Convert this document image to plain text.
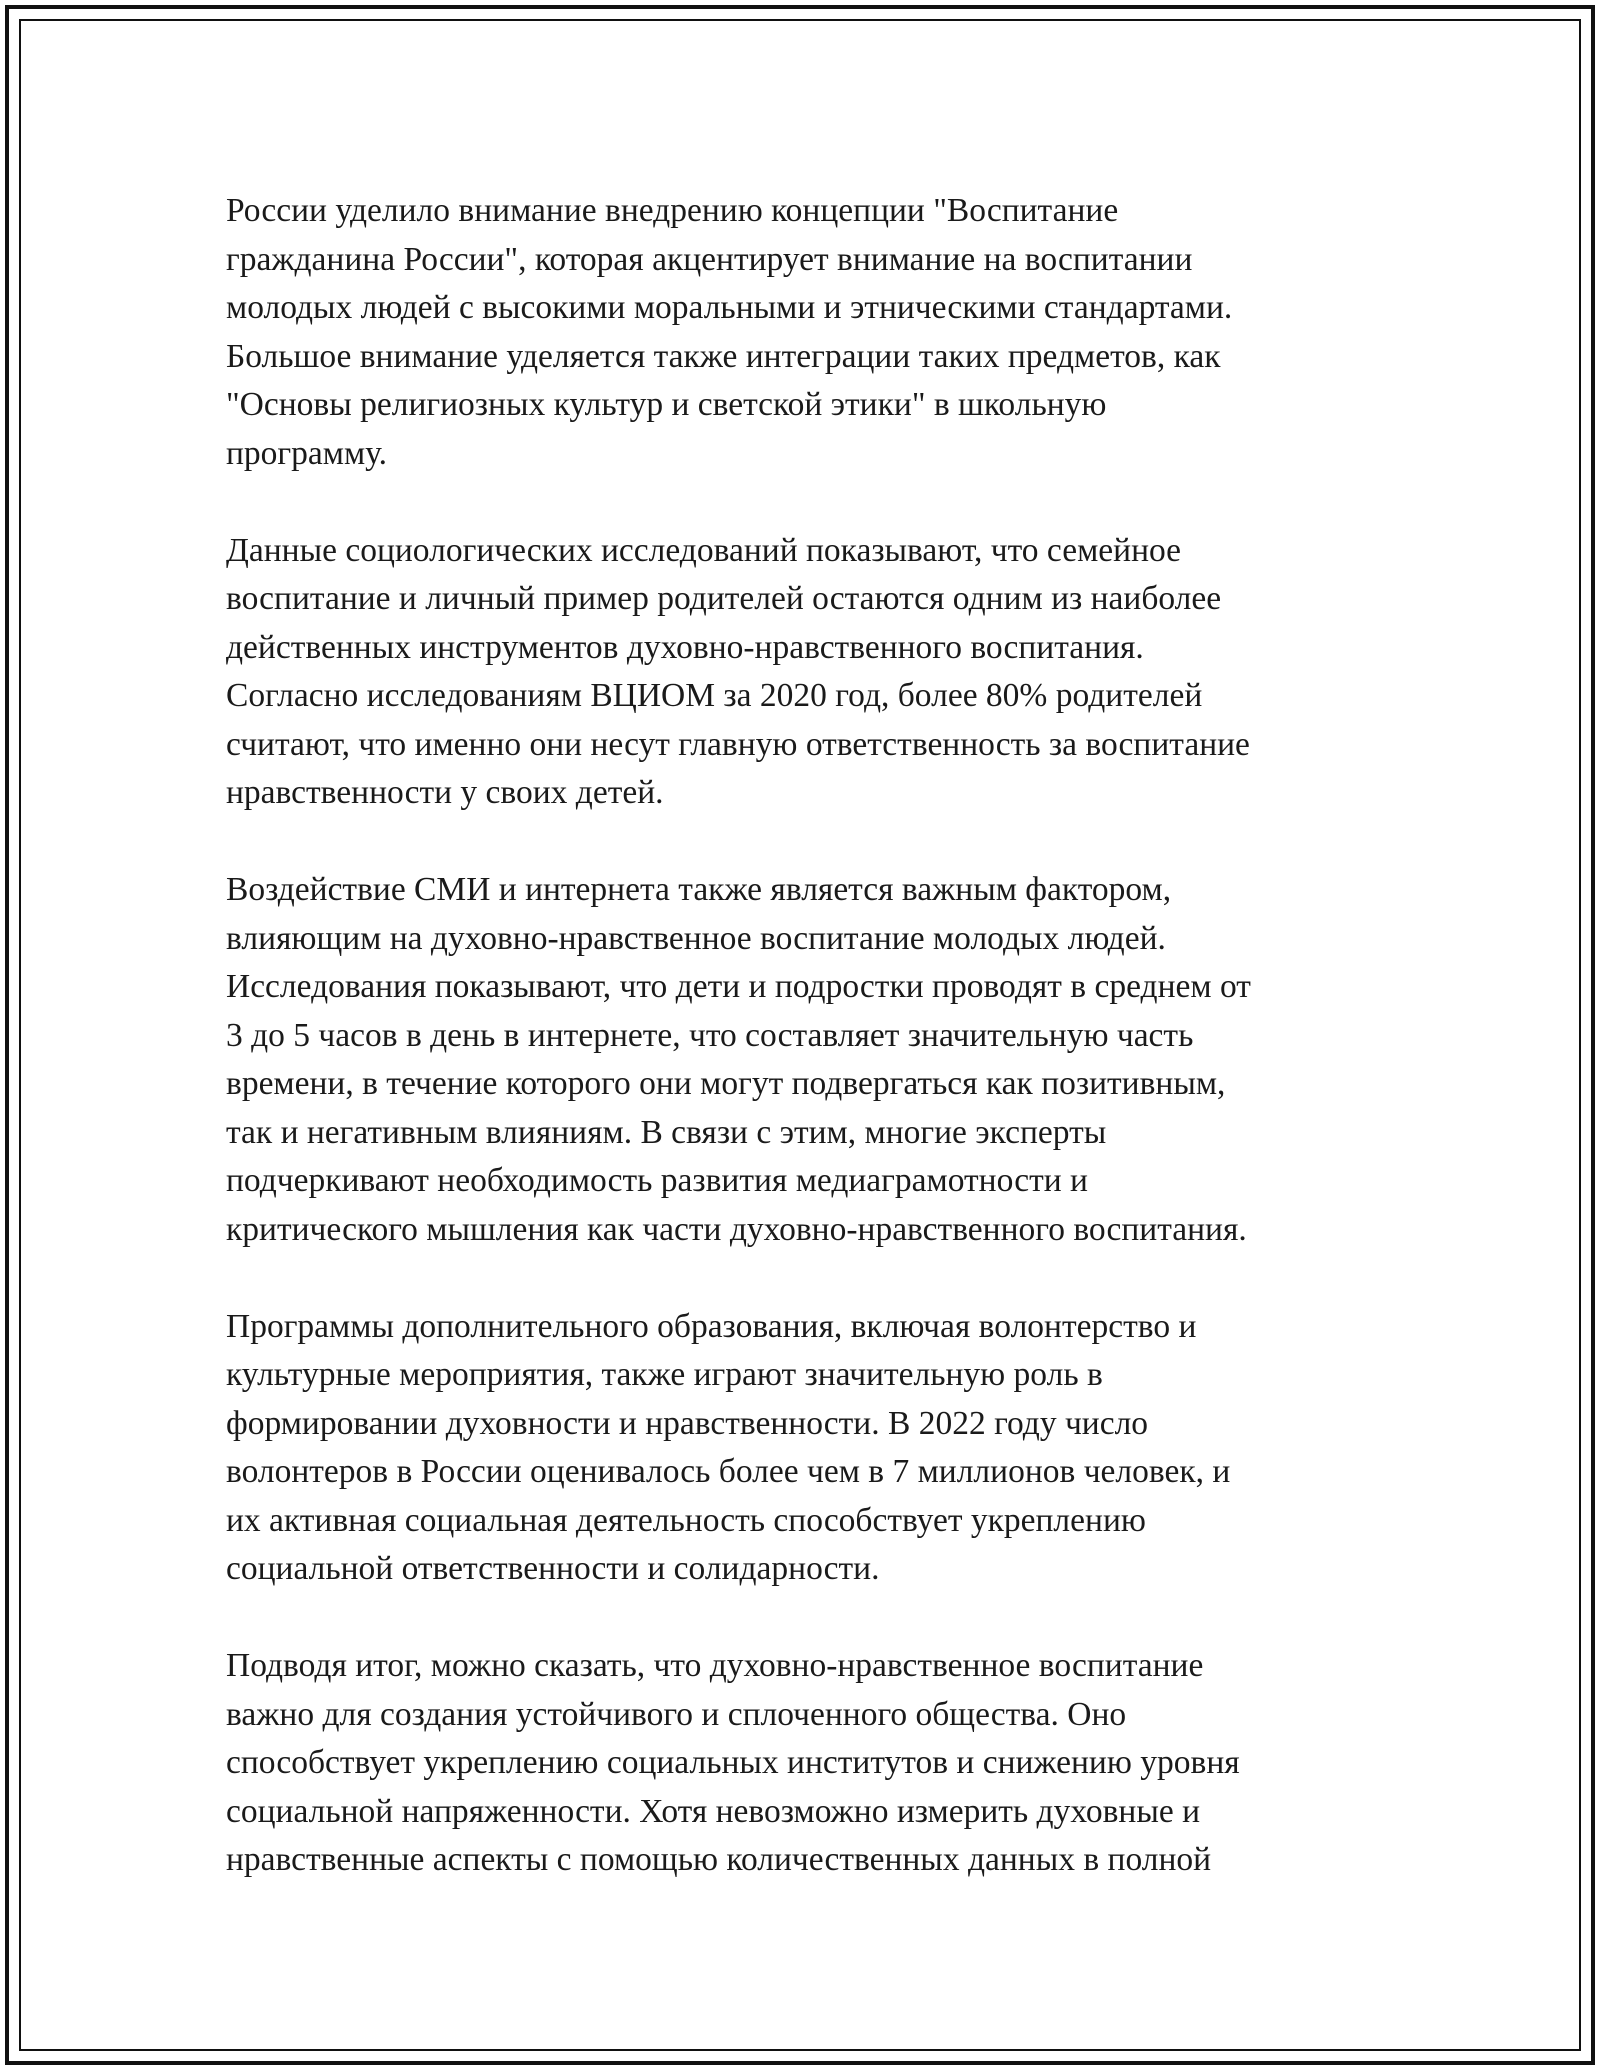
России уделило внимание внедрению концепции "Воспитание
гражданина России", которая акцентирует внимание на воспитании
молодых людей с высокими моральными и этническими стандартами.
Большое внимание уделяется также интеграции таких предметов, как
"Основы религиозных культур и светской этики" в школьную
программу.

Данные социологических исследований показывают, что семейное
воспитание и личный пример родителей остаются одним из наиболее
действенных инструментов духовно-нравственного воспитания.
Согласно исследованиям ВЦИОМ за 2020 год, более 80% родителей
считают, что именно они несут главную ответственность за воспитание
нравственности у своих детей.

Воздействие СМИ и интернета также является важным фактором,
влияющим на духовно-нравственное воспитание молодых людей.
Исследования показывают, что дети и подростки проводят в среднем от
3 до 5 часов в день в интернете, что составляет значительную часть
времени, в течение которого они могут подвергаться как позитивным,
так и негативным влияниям. В связи с этим, многие эксперты
подчеркивают необходимость развития медиаграмотности и
критического мышления как части духовно-нравственного воспитания.

Программы дополнительного образования, включая волонтерство и
культурные мероприятия, также играют значительную роль в
формировании духовности и нравственности. В 2022 году число
волонтеров в России оценивалось более чем в 7 миллионов человек, и
их активная социальная деятельность способствует укреплению
социальной ответственности и солидарности.

Подводя итог, можно сказать, что духовно-нравственное воспитание
важно для создания устойчивого и сплоченного общества. Оно
способствует укреплению социальных институтов и снижению уровня
социальной напряженности. Хотя невозможно измерить духовные и
нравственные аспекты с помощью количественных данных в полной
